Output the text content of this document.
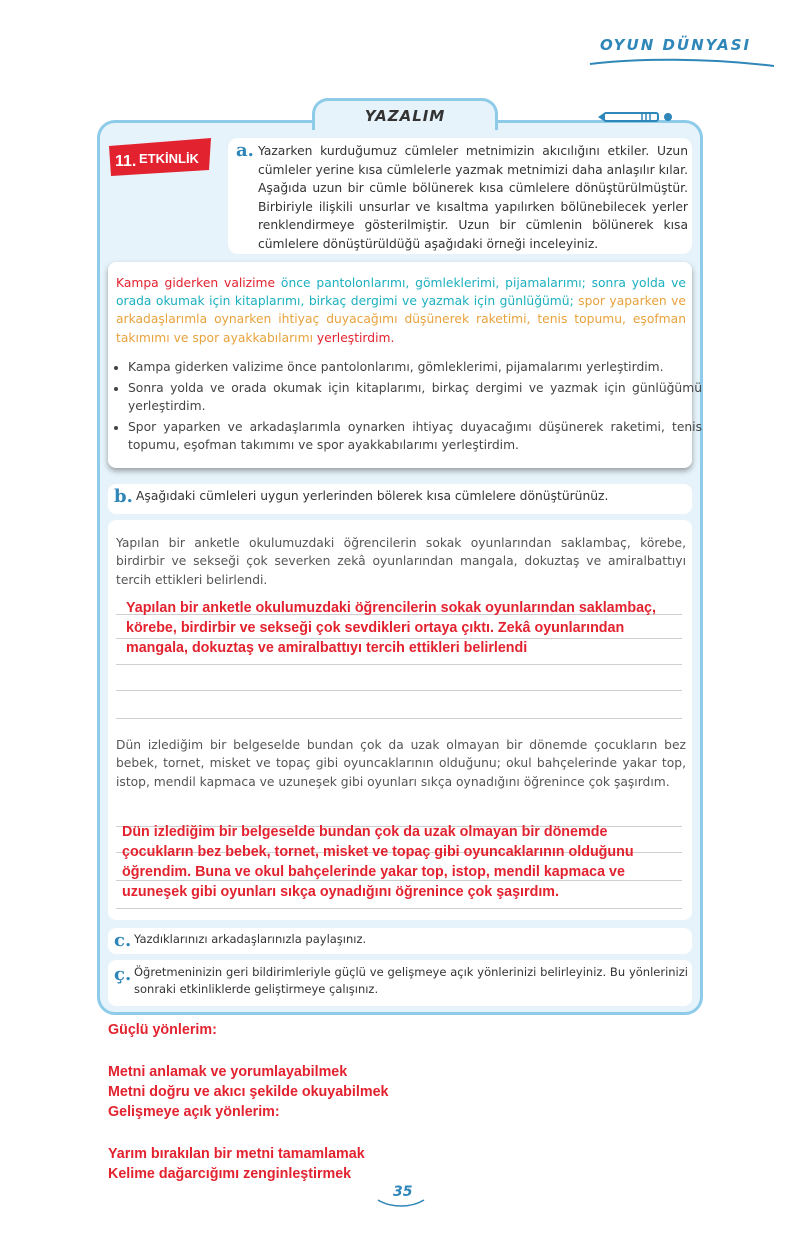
OYUN DÜNYASI
YAZALIM
11. ETKİNLİK a. Yazarken kurduğumuz cümleler metnimizin akıcılığını etkiler. Uzun cümleler yerine kısa cümlelerle yazmak metnimizi daha anlaşılır kılar. Aşağıda uzun bir cümle bölünerek kısa cümlelere dönüştürülmüştür. Birbiriyle ilişkili unsurlar ve kısaltma yapılırken bölünebilecek yerler renklendirmeye gösterilmiştir. Uzun bir cümlenin bölünerek kısa cümlelere dönüştürüldüğü aşağıdaki örneği inceleyiniz.
Kampa giderken valizime önce pantolonlarımı, gömleklerimi, pijamalarımı; sonra yolda ve orada okumak için kitaplarımı, birkaç dergimi ve yazmak için günlüğümü; spor yaparken ve arkadaşlarımla oynarken ihtiyaç duyacağımı düşünerek raketimi, tenis topumu, eşofman takımımı ve spor ayakkabılarımı yerleştirdim.
• Kampa giderken valizime önce pantolonlarımı, gömleklerimi, pijamalarımı yerleştirdim.
• Sonra yolda ve orada okumak için kitaplarımı, birkaç dergimi ve yazmak için günlüğümü yerleştirdim.
• Spor yaparken ve arkadaşlarımla oynarken ihtiyaç duyacağımı düşünerek raketimi, tenis topumu, eşofman takımımı ve spor ayakkabılarımı yerleştirdim.
b. Aşağıdaki cümleleri uygun yerlerinden bölerek kısa cümlelere dönüştürünüz.
Yapılan bir anketle okulumuzdaki öğrencilerin sokak oyunlarından saklambaç, körebe, birdirbir ve sekseği çok severken zekâ oyunlarından mangala, dokuztaş ve amiralbattıyı tercih ettikleri belirlendi.
Yapılan bir anketle okulumuzdaki öğrencilerin sokak oyunlarından saklambaç, körebe, birdirbir ve sekseği çok sevdikleri ortaya çıktı. Zekâ oyunlarından mangala, dokuztaş ve amiralbattıyı tercih ettikleri belirlendi
Dün izlediğim bir belgeselde bundan çok da uzak olmayan bir dönemde çocukların bez bebek, tornet, misket ve topaç gibi oyuncaklarının olduğunu; okul bahçelerinde yakar top, istop, mendil kapmaca ve uzuneşek gibi oyunları sıkça oynadığını öğrenince çok şaşırdım.
Dün izlediğim bir belgeselde bundan çok da uzak olmayan bir dönemde çocukların bez bebek, tornet, misket ve topaç gibi oyuncaklarının olduğunu öğrendim. Buna ve okul bahçelerinde yakar top, istop, mendil kapmaca ve uzuneşek gibi oyunları sıkça oynadığını öğrenince çok şaşırdım.
c. Yazdıklarınızı arkadaşlarınızla paylaşınız.
ç. Öğretmeninizin geri bildirimleriyle güçlü ve gelişmeye açık yönlerinizi belirleyiniz. Bu yönlerinizi sonraki etkinliklerde geliştirmeye çalışınız.
Güçlü yönlerim:
Metni anlamak ve yorumlayabilmek
Metni doğru ve akıcı şekilde okuyabilmek
Gelişmeye açık yönlerim:
Yarım bırakılan bir metni tamamlamak
Kelime dağarcığımı zenginleştirmek
35
